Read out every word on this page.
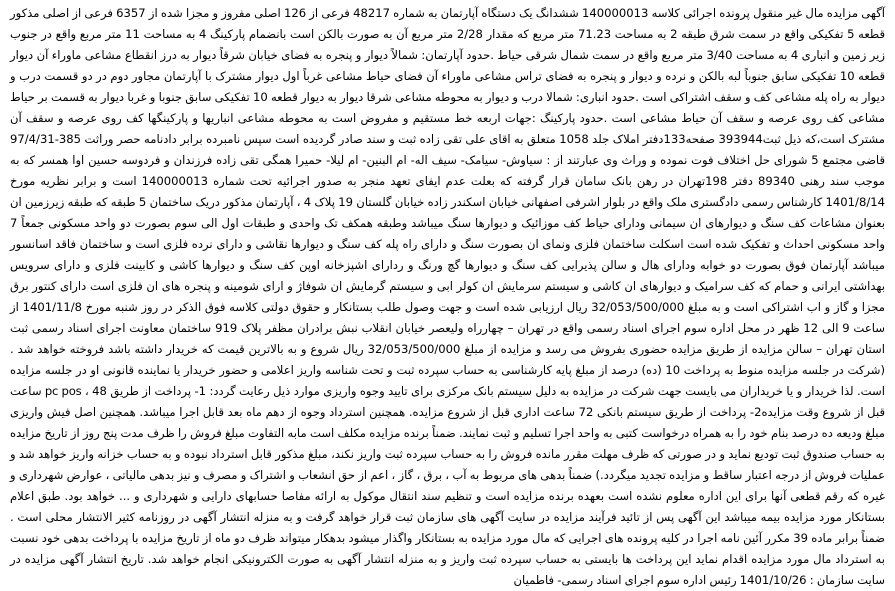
آگهی مزایده مال غیر منقول پرونده اجرائی کلاسه 140000013 ششدانگ یک دستگاه آپارتمان به شماره 48217 فرعی از 126 اصلی مفروز و مجزا شده از 6357 فرعی از اصلی مذکور قطعه 5 تفکیکی واقع در سمت شرق طبقه 2 به مساحت 71.23 متر مربع که مقدار 2/28 متر مربع آن به صورت بالکن است بانضمام پارکینگ 4 به مساحت 11 متر مربع واقع در جنوب زیر زمین و انباری 4 به مساحت 3/40 متر مربع واقع در سمت شمال شرقی حیاط .حدود آپارتمان: شمالاً دیوار و پنجره به فضای خیابان شرقاً دیوار به درز انقطاع مشاعی ماوراء آن دیوار قطعه 10 تفکیکی سابق جنوباً لبه بالکن و نرده و دیوار و پنجره به فضای تراس مشاعی ماوراء آن فضای حیاط مشاعی غرباً اول دیوار مشترک با آپارتمان مجاور دوم در دو قسمت درب و دیوار به راه پله مشاعی کف و سقف اشتراکی است .حدود انباری: شمالا درب و دیوار به محوطه مشاعی شرقا دیوار به دیوار قطعه 10 تفکیکی سابق جنوبا و غربا دیوار به قسمت بر حیاط مشاعی کف روی عرصه و سقف آن حیاط مشاعی است .حدود پارکینگ :جهات اربعه خط مستقیم و مفروض است به محوطه مشاعی انباریها و پارکینگها کف روی عرصه و سقف آن مشترک است،که ذیل ثبت393944 صفحه133دفتر املاک جلد 1058 متعلق به اقای علی تقی زاده ثبت و سند صادر گردیده است سپس نامبرده برابر دادنامه حصر وراثت 385-97/4/31 قاضی مجتمع 5 شورای حل اختلاف فوت نموده و وراث وی عبارتند از : سیاوش- سیامک- سیف اله- ام البنین- ام لیلا- حمیرا همگی تقی زاده فرزندان و فردوسه حسین اوا همسر که به موجب سند رهنی 89340 دفتر 198تهران در رهن بانک سامان قرار گرفته که بعلت عدم ایفای تعهد منجر به صدور اجرائیه تحت شماره 140000013 است و برابر نظریه مورخ 1401/8/14 کارشناس رسمی دادگستری ملک واقع در بلوار اشرفی اصفهانی خیابان اسکندر زاده خیابان گلستان 19 پلاک 4 ، آپارتمان مذکور دریک ساختمان 5 طبقه که طبقه زیرزمین ان بعنوان مشاعات کف سنگ و دیوارهای ان سیمانی ودارای حیاط کف موزائیک و دیوارها سنگ میباشد وطبقه همکف تک واحدی و طبقات اول الی سوم بصورت دو واحد مسکونی جمعاً 7 واحد مسکونی احداث و تفکیک شده است اسکلت ساختمان فلزی ونمای ان بصورت سنگ و دارای راه پله کف سنگ و دیوارها نقاشی و دارای نرده فلزی است و ساختمان فاقد اسانسور میباشد آپارتمان فوق بصورت دو خوابه ودارای هال و سالن پذیرایی کف سنگ و دیوارها گچ ورنگ و ردارای اشپزخانه اوپن کف سنگ و دیوارها کاشی و کابینت فلزی و دارای سرویس بهداشتی ایرانی و حمام که کف سرامیک و دیوارهای ان کاشی و سیستم سرمایش ان کولر ابی و سیستم گرمایش ان شوفاژ و ارای شومینه و پنجره های ان فلزی است دارای کنتور برق مجزا و گاز و اب اشتراکی است و به مبلغ 32/053/500/000 ریال ارزیابی شده است و جهت وصول طلب بستانکار و حقوق دولتی کلاسه فوق الذکر در روز شنبه مورخ 1401/11/8 از ساعت 9 الی 12 ظهر در محل اداره سوم اجرای اسناد رسمی واقع در تهران – چهارراه ولیعصر خیابان انقلاب نبش برادران مظفر پلاک 919 ساختمان معاونت اجرای اسناد رسمی ثبت استان تهران – سالن مزایده از طریق مزایده حضوری بفروش می رسد و مزایده از مبلغ 32/053/500/000 ریال شروع و به بالاترین قیمت که خریدار داشته باشد فروخته خواهد شد . (شرکت در جلسه مزایده منوط به پرداخت 10 (ده) درصد از مبلغ پایه کارشناسی به حساب سپرده ثبت و تحت شناسه واریز اعلامی و حضور خریدار یا نماینده قانونی او در جلسه مزایده است. لذا خریدار و یا خریداران می بایست جهت شرکت در مزایده به دلیل سیستم بانک مرکزی برای تایید وجوه واریزی موارد ذیل رعایت گردد: 1- پرداخت از طریق 48 ، pc pos ساعت قبل از شروع وقت مزایده2- پرداخت از طریق سیستم بانکی 72 ساعت اداری قبل از شروع مزایده. همچنین استرداد وجوه از دهم ماه بعد قابل اجرا میباشد. همچنین اصل فیش واریزی مبلغ ودیعه ده درصد بنام خود را به همراه درخواست کتبی به واحد اجرا تسلیم و ثبت نمایند. ضمناً برنده مزایده مکلف است مابه التفاوت مبلغ فروش را ظرف مدت پنج روز از تاریخ مزایده به حساب صندوق ثبت تودیع نماید و در صورتی که ظرف مهلت مقرر مانده فروش را به حساب سپرده ثبت واریز نکند، مبلغ مذکور قابل استرداد نبوده و به حساب خزانه واریز خواهد شد و عملیات فروش از درجه اعتبار ساقط و مزایده تجدید میگردد.) ضمناً بدهی های مربوط به آب ، برق ، گاز ، اعم از حق انشعاب و اشتراک و مصرف و نیز بدهی مالیاتی ، عوارض شهرداری و غیره که رقم قطعی آنها برای این اداره معلوم نشده است بعهده برنده مزایده است و تنظیم سند انتقال موکول به ارائه مفاصا حسابهای دارایی و شهرداری و ... خواهد بود. طبق اعلام بستانکار مورد مزایده بیمه میباشد این آگهی پس از تائید فرآیند مزایده در سایت آگهی های سازمان ثبت قرار خواهد گرفت و به منزله انتشار آگهی در روزنامه کثیر الانتشار محلی است . ضمناً برابر ماده 39 مکرر آئین نامه اجرا در کلیه پرونده های اجرایی که مال مورد مزایده به بستانکار واگذار میشود بدهکار میتواند ظرف دو ماه از تاریخ مزایده با پرداخت بدهی خود نسبت به استرداد مال مورد مزایده اقدام نماید این پرداخت ها بایستی به حساب سپرده ثبت واریز و به منزله انتشار آگهی به صورت الکترونیکی انجام خواهد شد. تاریخ انتشار آگهی مزایده در سایت سازمان : 1401/10/26 رئیس اداره سوم اجرای اسناد رسمی- فاطمیان
